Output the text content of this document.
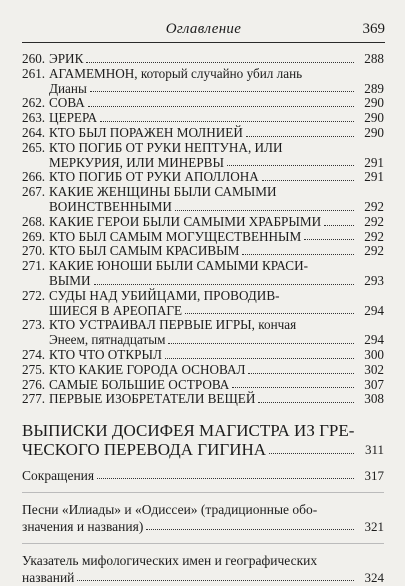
Оглавление	369
260. ЭРИК	288
261. АГАМЕМНОН, который случайно убил лань
Дианы	289
262. СОВА	290
263. ЦЕРЕРА	290
264. КТО БЫЛ ПОРАЖЕН МОЛНИЕЙ	290
265. КТО ПОГИБ ОТ РУКИ НЕПТУНА, ИЛИ
МЕРКУРИЯ, ИЛИ МИНЕРВЫ	291
266. КТО ПОГИБ ОТ РУКИ АПОЛЛОНА	291
267. КАКИЕ ЖЕНЩИНЫ БЫЛИ САМЫМИ
ВОИНСТВЕННЫМИ	292
268. КАКИЕ ГЕРОИ БЫЛИ САМЫМИ ХРАБРЫМИ	292
269. КТО БЫЛ САМЫМ МОГУЩЕСТВЕННЫМ	292
270. КТО БЫЛ САМЫМ КРАСИВЫМ	292
271. КАКИЕ ЮНОШИ БЫЛИ САМЫМИ КРАСИ-
ВЫМИ	293
272. СУДЫ НАД УБИЙЦАМИ, ПРОВОДИВ-
ШИЕСЯ В АРЕОПАГЕ	294
273. КТО УСТРАИВАЛ ПЕРВЫЕ ИГРЫ, кончая
Энеем, пятнадцатым	294
274. КТО ЧТО ОТКРЫЛ	300
275. КТО КАКИЕ ГОРОДА ОСНОВАЛ	302
276. САМЫЕ БОЛЬШИЕ ОСТРОВА	307
277. ПЕРВЫЕ ИЗОБРЕТАТЕЛИ ВЕЩЕЙ	308
ВЫПИСКИ ДОСИФЕЯ МАГИСТРА ИЗ ГРЕ-
ЧЕСКОГО ПЕРЕВОДА ГИГИНА	311
Сокращения	317
Песни «Илиады» и «Одиссеи» (традиционные обо-
значения и названия)	321
Указатель мифологических имен и географических
названий	324
